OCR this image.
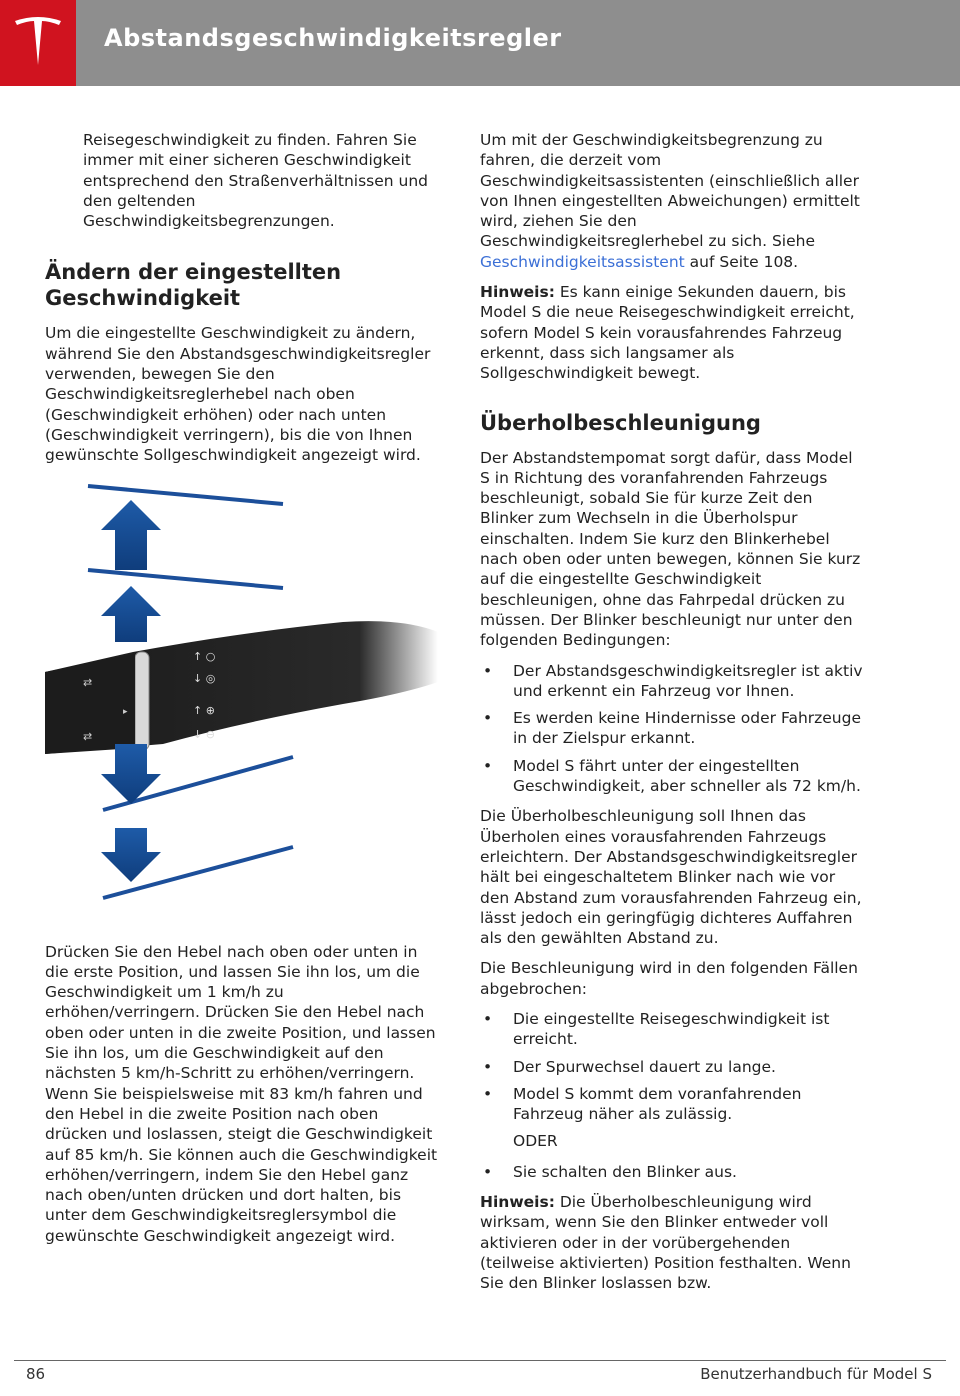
Abstandsgeschwindigkeitsregler

Reisegeschwindigkeit zu finden. Fahren Sie immer mit einer sicheren Geschwindigkeit entsprechend den Straßenverhältnissen und den geltenden Geschwindigkeitsbegrenzungen.

Ändern der eingestellten Geschwindigkeit

Um die eingestellte Geschwindigkeit zu ändern, während Sie den Abstandsgeschwindigkeitsregler verwenden, bewegen Sie den Geschwindigkeitsreglerhebel nach oben (Geschwindigkeit erhöhen) oder nach unten (Geschwindigkeit verringern), bis die von Ihnen gewünschte Sollgeschwindigkeit angezeigt wird.

⇄
⇄
▸
↑ ○
↓ ◎
↑ ⊕
↓ ⊖

Drücken Sie den Hebel nach oben oder unten in die erste Position, und lassen Sie ihn los, um die Geschwindigkeit um 1 km/h zu erhöhen/verringern. Drücken Sie den Hebel nach oben oder unten in die zweite Position, und lassen Sie ihn los, um die Geschwindigkeit auf den nächsten 5 km/h-Schritt zu erhöhen/verringern. Wenn Sie beispielsweise mit 83 km/h fahren und den Hebel in die zweite Position nach oben drücken und loslassen, steigt die Geschwindigkeit auf 85 km/h. Sie können auch die Geschwindigkeit erhöhen/verringern, indem Sie den Hebel ganz nach oben/unten drücken und dort halten, bis unter dem Geschwindigkeitsreglersymbol die gewünschte Geschwindigkeit angezeigt wird.

Um mit der Geschwindigkeitsbegrenzung zu fahren, die derzeit vom Geschwindigkeitsassistenten (einschließlich aller von Ihnen eingestellten Abweichungen) ermittelt wird, ziehen Sie den Geschwindigkeitsreglerhebel zu sich. Siehe Geschwindigkeitsassistent auf Seite 108.

Hinweis: Es kann einige Sekunden dauern, bis Model S die neue Reisegeschwindigkeit erreicht, sofern Model S kein vorausfahrendes Fahrzeug erkennt, dass sich langsamer als Sollgeschwindigkeit bewegt.

Überholbeschleunigung

Der Abstandstempomat sorgt dafür, dass Model S in Richtung des voranfahrenden Fahrzeugs beschleunigt, sobald Sie für kurze Zeit den Blinker zum Wechseln in die Überholspur einschalten. Indem Sie kurz den Blinkerhebel nach oben oder unten bewegen, können Sie kurz auf die eingestellte Geschwindigkeit beschleunigen, ohne das Fahrpedal drücken zu müssen. Der Blinker beschleunigt nur unter den folgenden Bedingungen:

• Der Abstandsgeschwindigkeitsregler ist aktiv und erkennt ein Fahrzeug vor Ihnen.
• Es werden keine Hindernisse oder Fahrzeuge in der Zielspur erkannt.
• Model S fährt unter der eingestellten Geschwindigkeit, aber schneller als 72 km/h.

Die Überholbeschleunigung soll Ihnen das Überholen eines vorausfahrenden Fahrzeugs erleichtern. Der Abstandsgeschwindigkeitsregler hält bei eingeschaltetem Blinker nach wie vor den Abstand zum vorausfahrenden Fahrzeug ein, lässt jedoch ein geringfügig dichteres Auffahren als den gewählten Abstand zu.

Die Beschleunigung wird in den folgenden Fällen abgebrochen:

• Die eingestellte Reisegeschwindigkeit ist erreicht.
• Der Spurwechsel dauert zu lange.
• Model S kommt dem voranfahrenden Fahrzeug näher als zulässig.

ODER

• Sie schalten den Blinker aus.

Hinweis: Die Überholbeschleunigung wird wirksam, wenn Sie den Blinker entweder voll aktivieren oder in der vorübergehenden (teilweise aktivierten) Position festhalten. Wenn Sie den Blinker loslassen bzw.

86	Benutzerhandbuch für Model S
